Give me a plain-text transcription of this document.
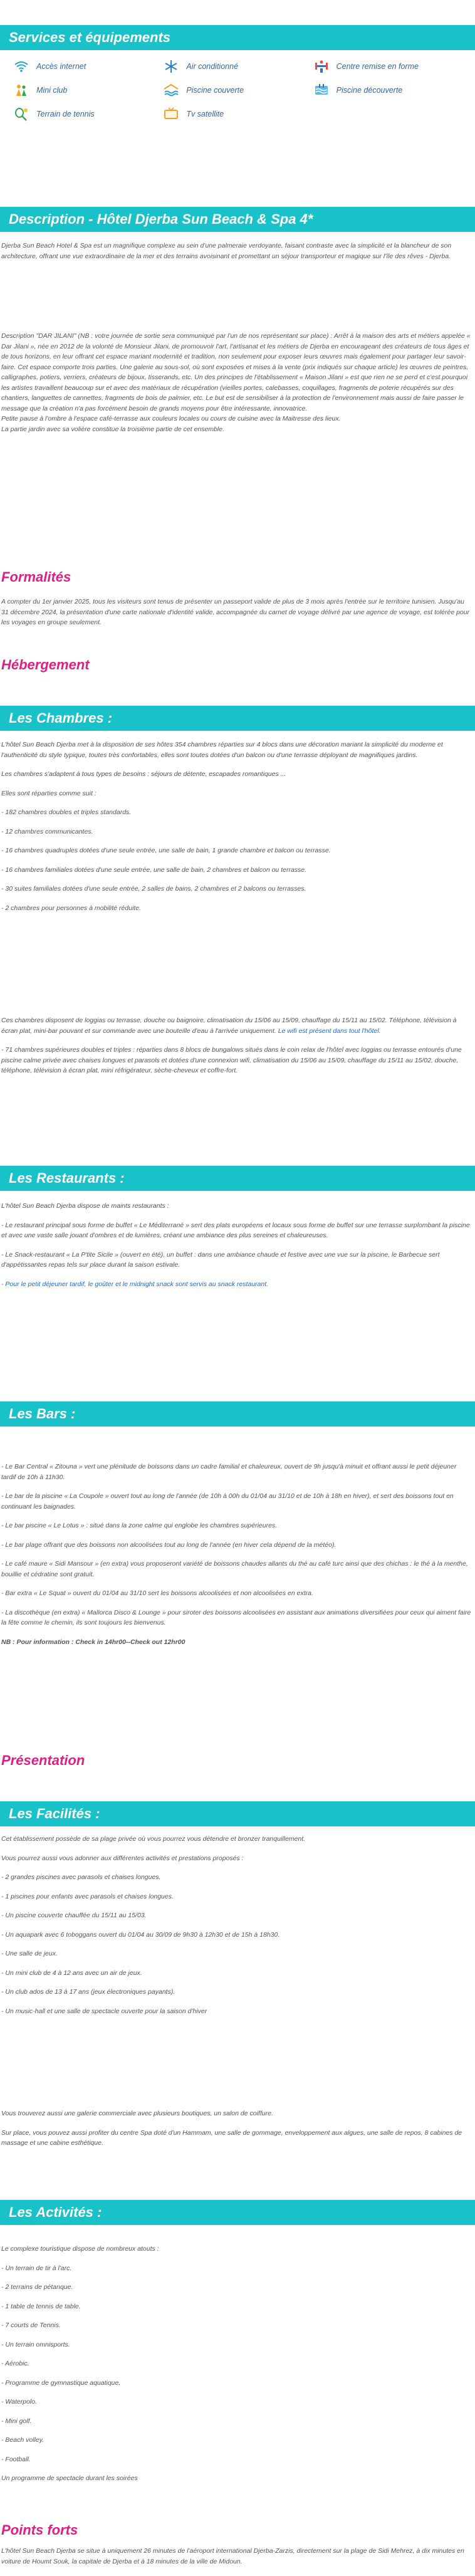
Services et équipements
Accès internet	Air conditionné	Centre remise en forme
Mini club	Piscine couverte	Piscine découverte
Terrain de tennis	Tv satellite
Description - Hôtel Djerba Sun Beach & Spa 4*

Djerba Sun Beach Hotel & Spa est un magnifique complexe au sein d'une palmeraie verdoyante, faisant contraste avec la simplicité et la blancheur de son architecture, offrant une vue extraordinaire de la mer et des terrains avoisinant et promettant un séjour transporteur et magique sur l'île des rêves - Djerba.

Description "DAR JILANI" (NB : votre journée de sortie sera communiqué par l'un de nos représentant sur place) : Arrêt à la maison des arts et métiers appelée « Dar Jilani », née en 2012 de la volonté de Monsieur Jilani, de promouvoir l'art, l'artisanat et les métiers de Djerba en encourageant des créateurs de tous âges et de tous horizons, en leur offrant cet espace mariant modernité et tradition, non seulement pour exposer leurs œuvres mais également pour partager leur savoir-faire. Cet espace comporte trois parties. Une galerie au sous-sol, où sont exposées et mises à la vente (prix indiqués sur chaque article) les œuvres de peintres, calligraphes, potiers, verriers, créateurs de bijoux, tisserands, etc. Un des principes de l'établissement « Maison Jilani » est que rien ne se perd et c'est pourquoi les artistes travaillent beaucoup sur et avec des matériaux de récupération (vieilles portes, calebasses, coquillages, fragments de poterie récupérés sur des chantiers, languettes de cannettes, fragments de bois de palmier, etc. Le but est de sensibiliser à la protection de l'environnement mais aussi de faire passer le message que la création n'a pas forcément besoin de grands moyens pour être intéressante, innovatrice.

Petite pause à l'ombre à l'espace café-terrasse aux couleurs locales ou cours de cuisine avec la Maitresse des lieux.

La partie jardin avec sa volière constitue la troisième partie de cet ensemble.

Formalités

A compter du 1er janvier 2025, tous les visiteurs sont tenus de présenter un passeport valide de plus de 3 mois après l'entrée sur le territoire tunisien. Jusqu'au 31 décembre 2024, la présentation d'une carte nationale d'identité valide, accompagnée du carnet de voyage délivré par une agence de voyage, est tolérée pour les voyages en groupe seulement.

Hébergement
Les Chambres :

L'hôtel Sun Beach Djerba met à la disposition de ses hôtes 354 chambres réparties sur 4 blocs dans une décoration mariant la simplicité du moderne et l'authenticité du style typique, toutes très confortables, elles sont toutes dotées d'un balcon ou d'une terrasse déployant de magnifiques jardins.

Les chambres s'adaptent à tous types de besoins : séjours de détente, escapades romantiques ...

Elles sont réparties comme suit :

- 182 chambres doubles et triples standards.

- 12 chambres communicantes.

- 16 chambres quadruples dotées d'une seule entrée, une salle de bain, 1 grande chambre et balcon ou terrasse.

- 16 chambres familiales dotées d'une seule entrée, une salle de bain, 2 chambres et balcon ou terrasse.

- 30 suites familiales dotées d'une seule entrée, 2 salles de bains, 2 chambres et 2 balcons ou terrasses.

- 2 chambres pour personnes à mobilité réduite.

Ces chambres disposent de loggias ou terrasse, douche ou baignoire, climatisation du 15/06 au 15/09, chauffage du 15/11 au 15/02. Téléphone, télévision à écran plat, mini-bar pouvant et sur commande avec une bouteille d'eau à l'arrivée uniquement. Le wifi est présent dans tout l'hôtel.

- 71 chambres supérieures doubles et triples : réparties dans 8 blocs de bungalows situés dans le coin relax de l'hôtel avec loggias ou terrasse entourés d'une piscine calme privée avec chaises longues et parasols et dotées d'une connexion wifi, climatisation du 15/06 au 15/09, chauffage du 15/11 au 15/02, douche, téléphone, télévision à écran plat, mini réfrigérateur, sèche-cheveux et coffre-fort.

Les Restaurants :

L'hôtel Sun Beach Djerba dispose de maints restaurants :

- Le restaurant principal sous forme de buffet « Le Méditerrané » sert des plats européens et locaux sous forme de buffet sur une terrasse surplombant la piscine et avec une vaste salle jouant d'ombres et de lumières, créant une ambiance des plus sereines et chaleureuses.

- Le Snack-restaurant « La P'tite Sicile » (ouvert en été), un buffet : dans une ambiance chaude et festive avec une vue sur la piscine, le Barbecue sert d'appétissantes repas tels sur place durant la saison estivale.

- Pour le petit déjeuner tardif, le goûter et le midnight snack sont servis au snack restaurant.

Les Bars :

- Le Bar Central « Zitouna » vert une plénitude de boissons dans un cadre familial et chaleureux, ouvert de 9h jusqu'à minuit et offrant aussi le petit déjeuner tardif de 10h à 11h30.

- Le bar de la piscine « La Coupole » ouvert tout au long de l'année (de 10h à 00h du 01/04 au 31/10 et de 10h à 18h en hiver), et sert des boissons tout en continuant les baignades.

- Le bar piscine « Le Lotus » : situé dans la zone calme qui englobe les chambres supérieures.

- Le bar plage offrant que des boissons non alcoolisées tout au long de l'année (en hiver cela dépend de la météo).

- Le café maure « Sidi Mansour » (en extra) vous proposeront variété de boissons chaudes allants du thé au café turc ainsi que des chichas : le thé à la menthe, bouillie et cédratine sont gratuit.

- Bar extra « Le Squat » ouvert du 01/04 au 31/10 sert les boissons alcoolisées et non alcoolisées en extra.

- La discothèque (en extra) « Mallorca Disco & Lounge » pour siroter des boissons alcoolisées en assistant aux animations diversifiées pour ceux qui aiment faire la fête comme le chemin, ils sont toujours les bienvenus.

NB : Pour information : Check in 14hr00--Check out 12hr00

Présentation
Les Facilités :

Cet établissement possède de sa plage privée où vous pourrez vous détendre et bronzer tranquillement.

Vous pourrez aussi vous adonner aux différentes activités et prestations proposés :

- 2 grandes piscines avec parasols et chaises longues.

- 1 piscines pour enfants avec parasols et chaises longues.

- Un piscine couverte chauffée du 15/11 au 15/03.

- Un aquapark avec 6 toboggans ouvert du 01/04 au 30/09 de 9h30 à 12h30 et de 15h à 18h30.

- Une salle de jeux.

- Un mini club de 4 à 12 ans avec un air de jeux.

- Un club ados de 13 à 17 ans (jeux électroniques payants).

- Un music-hall et une salle de spectacle ouverte pour la saison d'hiver

Vous trouverez aussi une galerie commerciale avec plusieurs boutiques, un salon de coiffure.

Sur place, vous pouvez aussi profiter du centre Spa doté d'un Hammam, une salle de gommage, enveloppement aux algues, une salle de repos, 8 cabines de massage et une cabine esthétique.

Les Activités :

Le complexe touristique dispose de nombreux atouts :

- Un terrain de tir à l'arc.

- 2 terrains de pétanque.

- 1 table de tennis de table.

- 7 courts de Tennis.

- Un terrain omnisports.

- Aérobic.

- Programme de gymnastique aquatique.

- Waterpolo.

- Mini golf.

- Beach volley.

- Football.

Un programme de spectacle durant les soirées

Points forts

L'hôtel Sun Beach Djerba se situe à uniquement 26 minutes de l'aéroport international Djerba-Zarzis, directement sur la plage de Sidi Mehrez, à dix minutes en voiture de Houmt Souk, la capitale de Djerba et à 18 minutes de la ville de Midoun.
